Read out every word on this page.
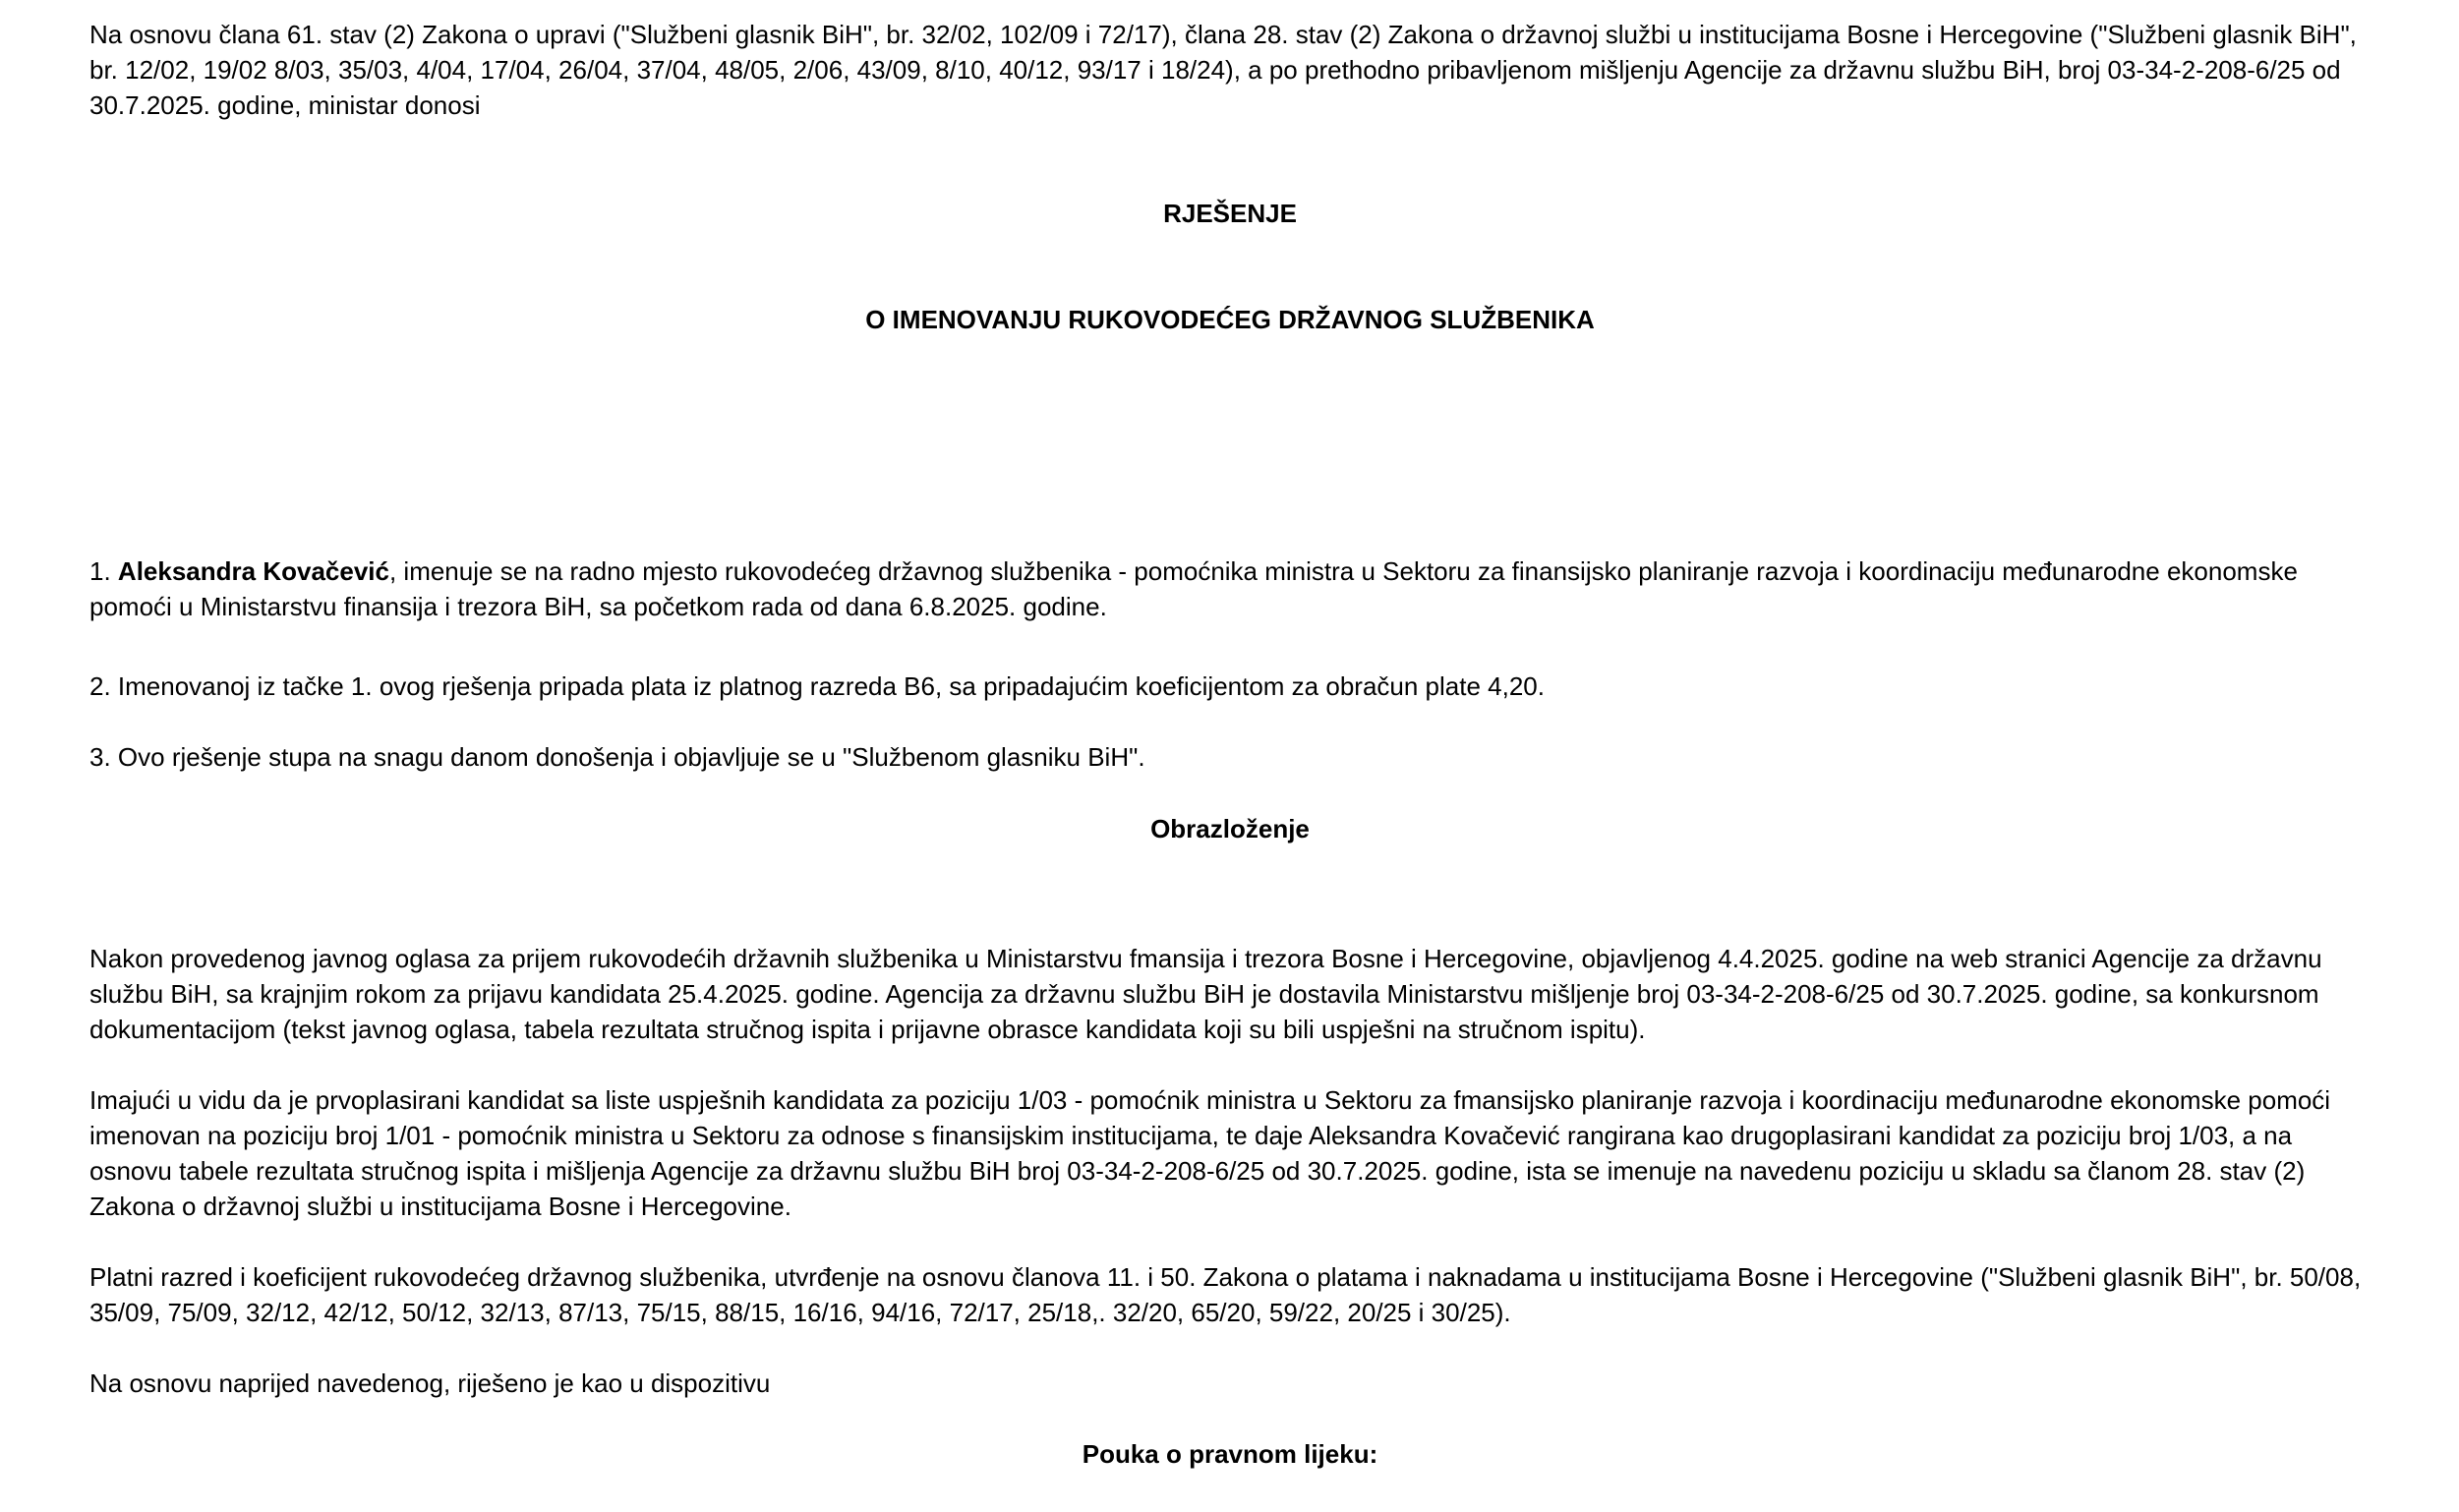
Na osnovu člana 61. stav (2) Zakona o upravi ("Službeni glasnik BiH", br. 32/02, 102/09 i 72/17), člana 28. stav (2) Zakona o državnoj službi u institucijama Bosne i Hercegovine ("Službeni glasnik BiH", br. 12/02, 19/02 8/03, 35/03, 4/04, 17/04, 26/04, 37/04, 48/05, 2/06, 43/09, 8/10, 40/12, 93/17 i 18/24), a po prethodno pribavljenom mišljenju Agencije za državnu službu BiH, broj 03-34-2-208-6/25 od 30.7.2025. godine, ministar donosi

RJEŠENJE

O IMENOVANJU RUKOVODEĆEG DRŽAVNOG SLUŽBENIKA

1. Aleksandra Kovačević, imenuje se na radno mjesto rukovodećeg državnog službenika - pomoćnika ministra u Sektoru za finansijsko planiranje razvoja i koordinaciju međunarodne ekonomske pomoći u Ministarstvu finansija i trezora BiH, sa početkom rada od dana 6.8.2025. godine.

2. Imenovanoj iz tačke 1. ovog rješenja pripada plata iz platnog razreda B6, sa pripadajućim koeficijentom za obračun plate 4,20.

3. Ovo rješenje stupa na snagu danom donošenja i objavljuje se u "Službenom glasniku BiH".

Obrazloženje

Nakon provedenog javnog oglasa za prijem rukovodećih državnih službenika u Ministarstvu fmansija i trezora Bosne i Hercegovine, objavljenog 4.4.2025. godine na web stranici Agencije za državnu službu BiH, sa krajnjim rokom za prijavu kandidata 25.4.2025. godine. Agencija za državnu službu BiH je dostavila Ministarstvu mišljenje broj 03-34-2-208-6/25 od 30.7.2025. godine, sa konkursnom dokumentacijom (tekst javnog oglasa, tabela rezultata stručnog ispita i prijavne obrasce kandidata koji su bili uspješni na stručnom ispitu).

Imajući u vidu da je prvoplasirani kandidat sa liste uspješnih kandidata za poziciju 1/03 - pomoćnik ministra u Sektoru za fmansijsko planiranje razvoja i koordinaciju međunarodne ekonomske pomoći imenovan na poziciju broj 1/01 - pomoćnik ministra u Sektoru za odnose s finansijskim institucijama, te daje Aleksandra Kovačević rangirana kao drugoplasirani kandidat za poziciju broj 1/03, a na osnovu tabele rezultata stručnog ispita i mišljenja Agencije za državnu službu BiH broj 03-34-2-208-6/25 od 30.7.2025. godine, ista se imenuje na navedenu poziciju u skladu sa članom 28. stav (2) Zakona o državnoj službi u institucijama Bosne i Hercegovine.

Platni razred i koeficijent rukovodećeg državnog službenika, utvrđenje na osnovu članova 11. i 50. Zakona o platama i naknadama u institucijama Bosne i Hercegovine ("Službeni glasnik BiH", br. 50/08, 35/09, 75/09, 32/12, 42/12, 50/12, 32/13, 87/13, 75/15, 88/15, 16/16, 94/16, 72/17, 25/18,. 32/20, 65/20, 59/22, 20/25 i 30/25).

Na osnovu naprijed navedenog, riješeno je kao u dispozitivu

Pouka o pravnom lijeku:
